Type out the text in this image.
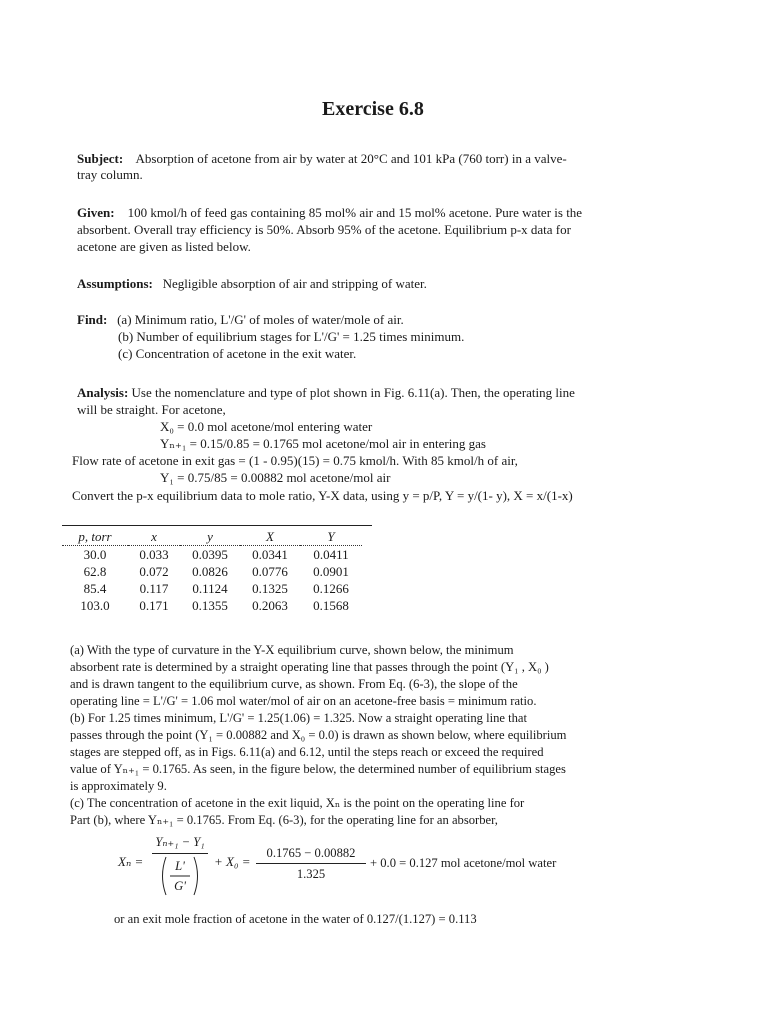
Exercise 6.8
Subject: Absorption of acetone from air by water at 20°C and 101 kPa (760 torr) in a valve-
tray column.
Given: 100 kmol/h of feed gas containing 85 mol% air and 15 mol% acetone. Pure water is the
absorbent. Overall tray efficiency is 50%. Absorb 95% of the acetone. Equilibrium p-x data for
acetone are given as listed below.
Assumptions: Negligible absorption of air and stripping of water.
Find: (a) Minimum ratio, L'/G' of moles of water/mole of air.
(b) Number of equilibrium stages for L'/G' = 1.25 times minimum.
(c) Concentration of acetone in the exit water.
Analysis: Use the nomenclature and type of plot shown in Fig. 6.11(a). Then, the operating line
will be straight. For acetone,
X₀ = 0.0 mol acetone/mol entering water
Yₙ₊₁ = 0.15/0.85 = 0.1765 mol acetone/mol air in entering gas
Flow rate of acetone in exit gas = (1 - 0.95)(15) = 0.75 kmol/h. With 85 kmol/h of air,
Y₁ = 0.75/85 = 0.00882 mol acetone/mol air
Convert the p-x equilibrium data to mole ratio, Y-X data, using y = p/P, Y = y/(1- y), X = x/(1-x)
p, torr	x	y	X	Y
30.0	0.033	0.0395	0.0341	0.0411
62.8	0.072	0.0826	0.0776	0.0901
85.4	0.117	0.1124	0.1325	0.1266
103.0	0.171	0.1355	0.2063	0.1568
(a) With the type of curvature in the Y-X equilibrium curve, shown below, the minimum
absorbent rate is determined by a straight operating line that passes through the point (Y₁ , X₀ )
and is drawn tangent to the equilibrium curve, as shown. From Eq. (6-3), the slope of the
operating line = L'/G' = 1.06 mol water/mol of air on an acetone-free basis = minimum ratio.
(b) For 1.25 times minimum, L'/G' = 1.25(1.06) = 1.325. Now a straight operating line that
passes through the point (Y₁ = 0.00882 and X₀ = 0.0) is drawn as shown below, where equilibrium
stages are stepped off, as in Figs. 6.11(a) and 6.12, until the steps reach or exceed the required
value of Yₙ₊₁ = 0.1765. As seen, in the figure below, the determined number of equilibrium stages
is approximately 9.
(c) The concentration of acetone in the exit liquid, Xₙ is the point on the operating line for
Part (b), where Yₙ₊₁ = 0.1765. From Eq. (6-3), for the operating line for an absorber,
Xₙ =
Yₙ₊₁ − Y₁
L'
G'
+ X₀ =
0.1765 − 0.00882
1.325
+ 0.0 = 0.127 mol acetone/mol water
or an exit mole fraction of acetone in the water of 0.127/(1.127) = 0.113
